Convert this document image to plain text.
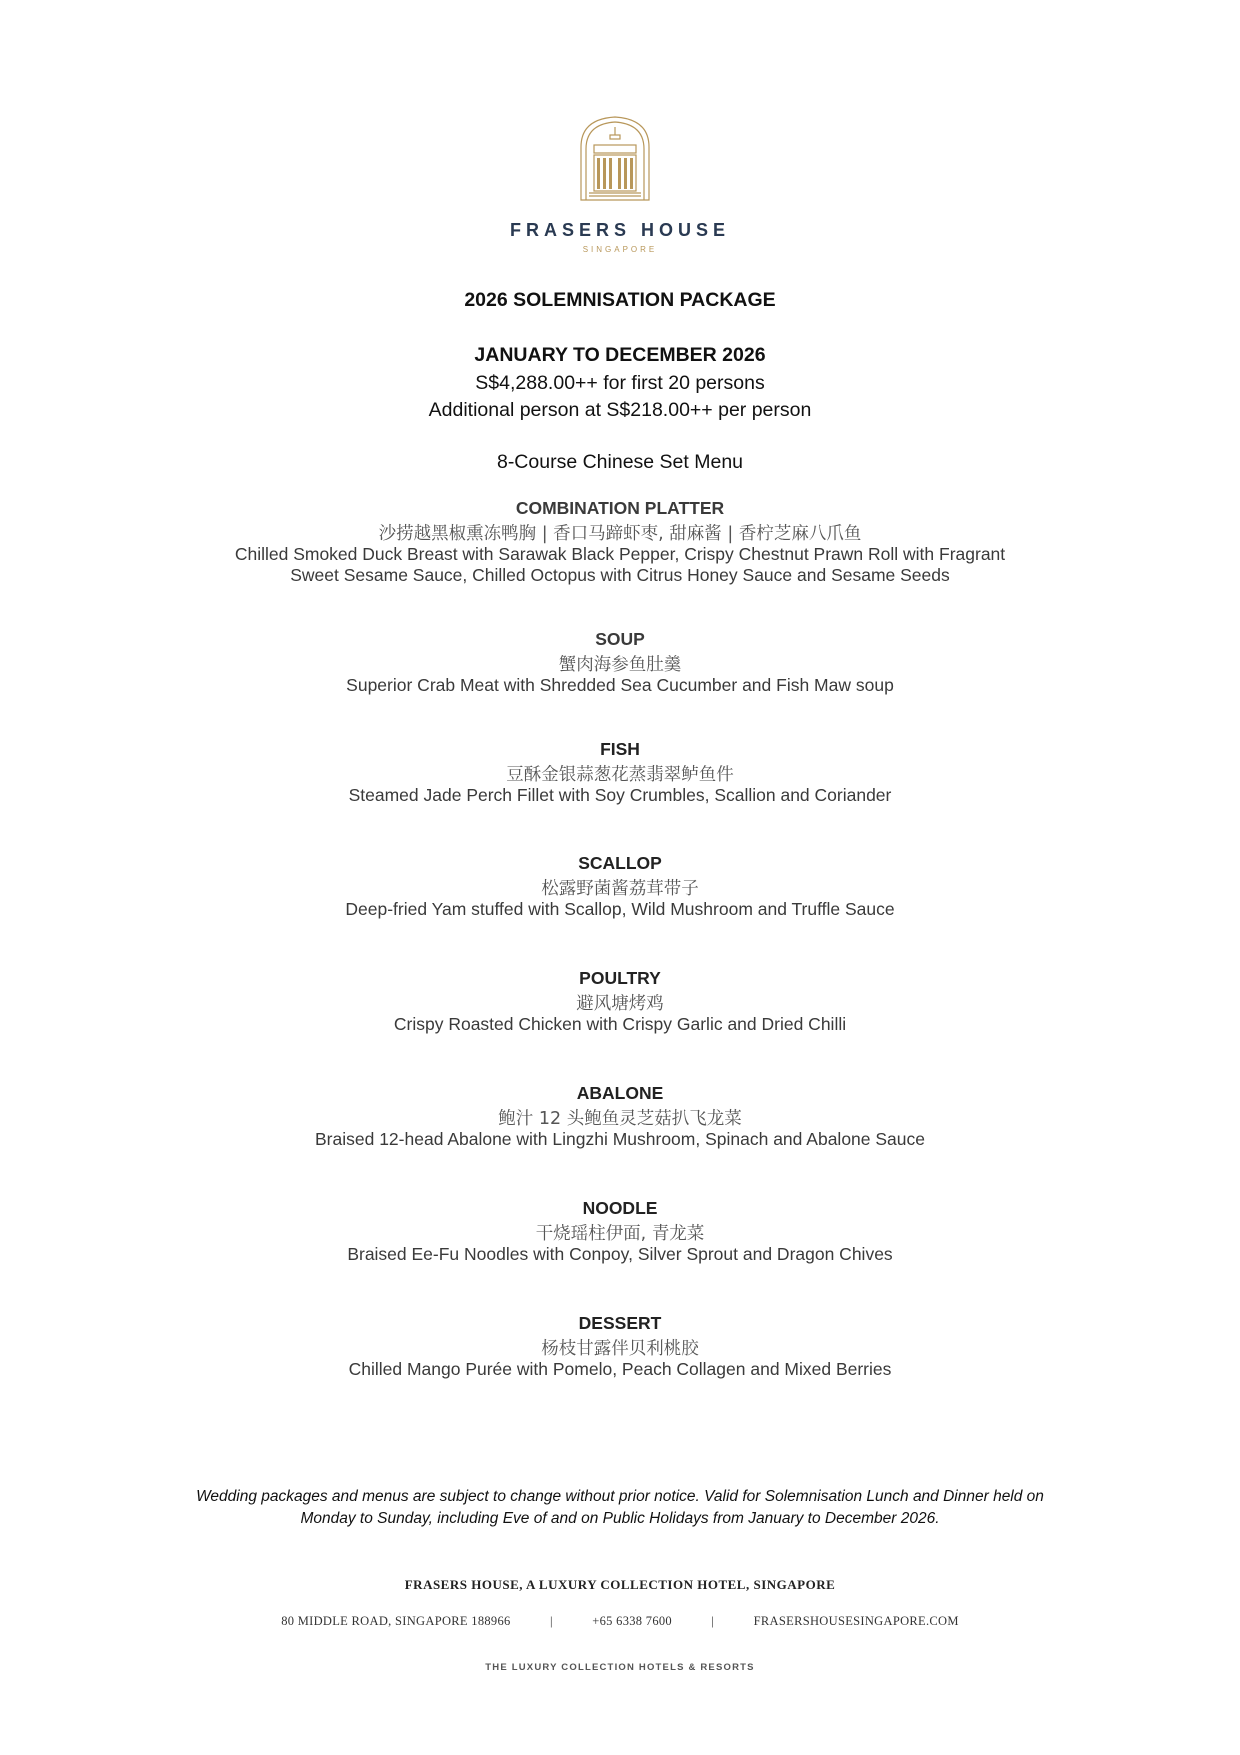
FRASERS HOUSE
SINGAPORE
2026 SOLEMNISATION PACKAGE
JANUARY TO DECEMBER 2026
S$4,288.00++ for first 20 persons
Additional person at S$218.00++ per person
8-Course Chinese Set Menu
COMBINATION PLATTER
沙捞越黑椒熏冻鸭胸 | 香口马蹄虾枣, 甜麻酱 | 香柠芝麻八爪鱼
Chilled Smoked Duck Breast with Sarawak Black Pepper, Crispy Chestnut Prawn Roll with Fragrant
Sweet Sesame Sauce, Chilled Octopus with Citrus Honey Sauce and Sesame Seeds
SOUP
蟹肉海参鱼肚羹
Superior Crab Meat with Shredded Sea Cucumber and Fish Maw soup
FISH
豆酥金银蒜葱花蒸翡翠鲈鱼件
Steamed Jade Perch Fillet with Soy Crumbles, Scallion and Coriander
SCALLOP
松露野菌酱荔茸带子
Deep-fried Yam stuffed with Scallop, Wild Mushroom and Truffle Sauce
POULTRY
避风塘烤鸡
Crispy Roasted Chicken with Crispy Garlic and Dried Chilli
ABALONE
鲍汁 12 头鲍鱼灵芝菇扒飞龙菜
Braised 12-head Abalone with Lingzhi Mushroom, Spinach and Abalone Sauce
NOODLE
干烧瑶柱伊面, 青龙菜
Braised Ee-Fu Noodles with Conpoy, Silver Sprout and Dragon Chives
DESSERT
杨枝甘露伴贝利桃胶
Chilled Mango Purée with Pomelo, Peach Collagen and Mixed Berries
Wedding packages and menus are subject to change without prior notice. Valid for Solemnisation Lunch and Dinner held on
Monday to Sunday, including Eve of and on Public Holidays from January to December 2026.
FRASERS HOUSE, A LUXURY COLLECTION HOTEL, SINGAPORE
80 MIDDLE ROAD, SINGAPORE 188966	|	+65 6338 7600	|	FRASERSHOUSESINGAPORE.COM
THE LUXURY COLLECTION HOTELS & RESORTS
